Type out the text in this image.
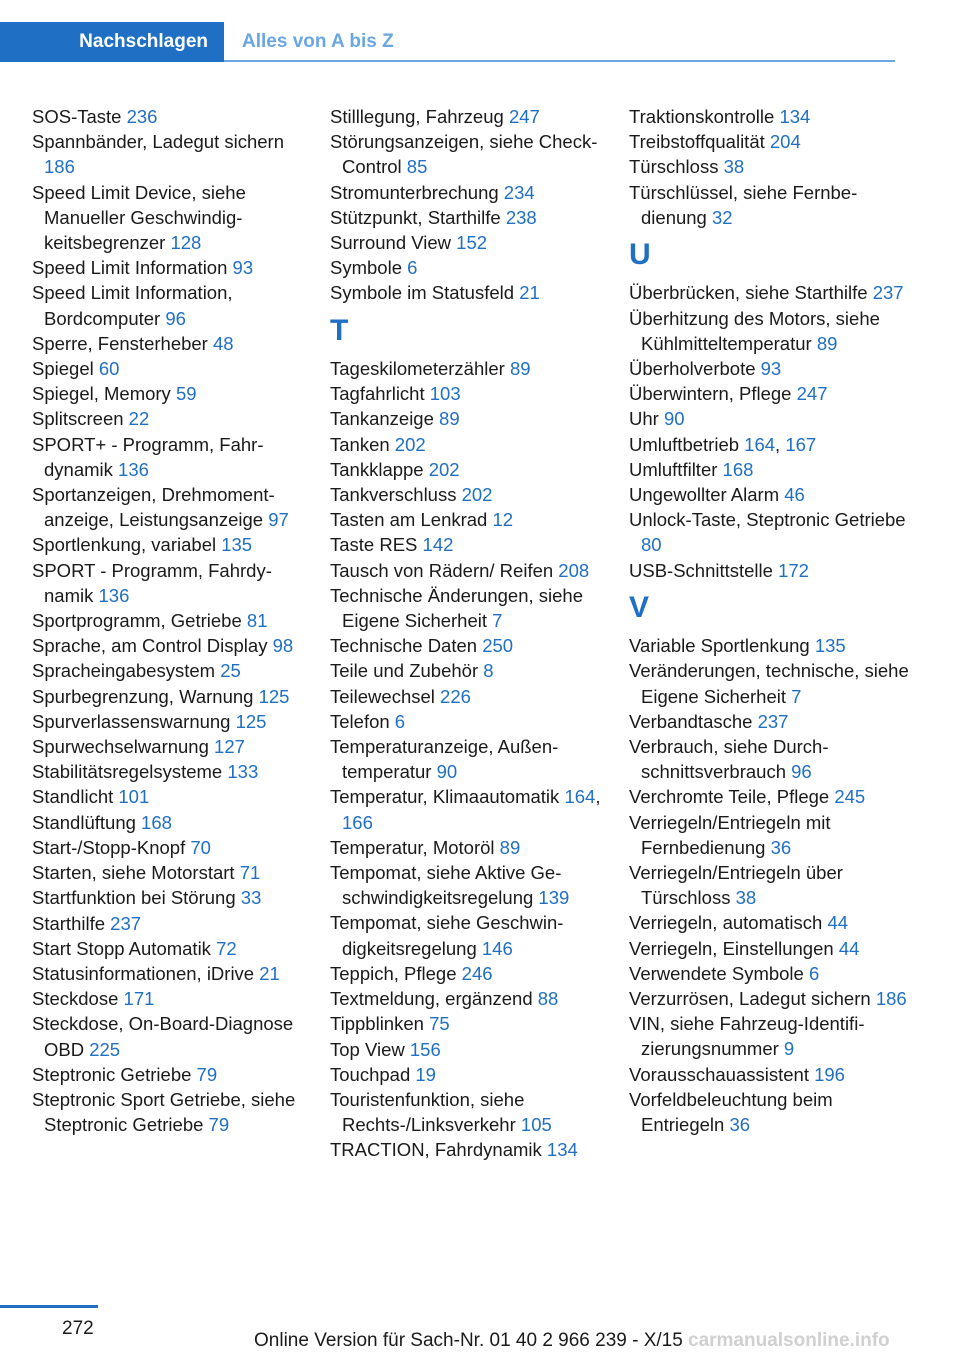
Nachschlagen	Alles von A bis Z

SOS-Taste 236

Spannbänder, Ladegut sichern 186

Speed Limit Device, siehe Manueller Geschwindigkeitsbegrenzer 128

Speed Limit Information 93

Speed Limit Information, Bordcomputer 96

Sperre, Fensterheber 48

Spiegel 60

Spiegel, Memory 59

Splitscreen 22

SPORT+ - Programm, Fahrdynamik 136

Sportanzeigen, Drehmomentanzeige, Leistungsanzeige 97

Sportlenkung, variabel 135

SPORT - Programm, Fahrdynamik 136

Sportprogramm, Getriebe 81

Sprache, am Control Display 98

Spracheingabesystem 25

Spurbegrenzung, Warnung 125

Spurverlassenswarnung 125

Spurwechselwarnung 127

Stabilitätsregelsysteme 133

Standlicht 101

Standlüftung 168

Start-/Stopp-Knopf 70

Starten, siehe Motorstart 71

Startfunktion bei Störung 33

Starthilfe 237

Start Stopp Automatik 72

Statusinformationen, iDrive 21

Steckdose 171

Steckdose, On-Board-Diagnose OBD 225

Steptronic Getriebe 79

Steptronic Sport Getriebe, siehe Steptronic Getriebe 79

Stilllegung, Fahrzeug 247

Störungsanzeigen, siehe Check-Control 85

Stromunterbrechung 234

Stützpunkt, Starthilfe 238

Surround View 152

Symbole 6

Symbole im Statusfeld 21

T

Tageskilometerzähler 89

Tagfahrlicht 103

Tankanzeige 89

Tanken 202

Tankklappe 202

Tankverschluss 202

Tasten am Lenkrad 12

Taste RES 142

Tausch von Rädern/ Reifen 208

Technische Änderungen, siehe Eigene Sicherheit 7

Technische Daten 250

Teile und Zubehör 8

Teilewechsel 226

Telefon 6

Temperaturanzeige, Außentemperatur 90

Temperatur, Klimaautomatik 164, 166

Temperatur, Motoröl 89

Tempomat, siehe Aktive Geschwindigkeitsregelung 139

Tempomat, siehe Geschwindigkeitsregelung 146

Teppich, Pflege 246

Textmeldung, ergänzend 88

Tippblinken 75

Top View 156

Touchpad 19

Touristenfunktion, siehe Rechts-/Linksverkehr 105

TRACTION, Fahrdynamik 134

Traktionskontrolle 134

Treibstoffqualität 204

Türschloss 38

Türschlüssel, siehe Fernbedienung 32

U

Überbrücken, siehe Starthilfe 237

Überhitzung des Motors, siehe Kühlmitteltemperatur 89

Überholverbote 93

Überwintern, Pflege 247

Uhr 90

Umluftbetrieb 164, 167

Umluftfilter 168

Ungewollter Alarm 46

Unlock-Taste, Steptronic Getriebe 80

USB-Schnittstelle 172

V

Variable Sportlenkung 135

Veränderungen, technische, siehe Eigene Sicherheit 7

Verbandtasche 237

Verbrauch, siehe Durchschnittsverbrauch 96

Verchromte Teile, Pflege 245

Verriegeln/Entriegeln mit Fernbedienung 36

Verriegeln/Entriegeln über Türschloss 38

Verriegeln, automatisch 44

Verriegeln, Einstellungen 44

Verwendete Symbole 6

Verzurrösen, Ladegut sichern 186

VIN, siehe Fahrzeug-Identifizierungsnummer 9

Vorausschauassistent 196

Vorfeldbeleuchtung beim Entriegeln 36

272
Online Version für Sach-Nr. 01 40 2 966 239 - X/15 carmanualsonline.info
